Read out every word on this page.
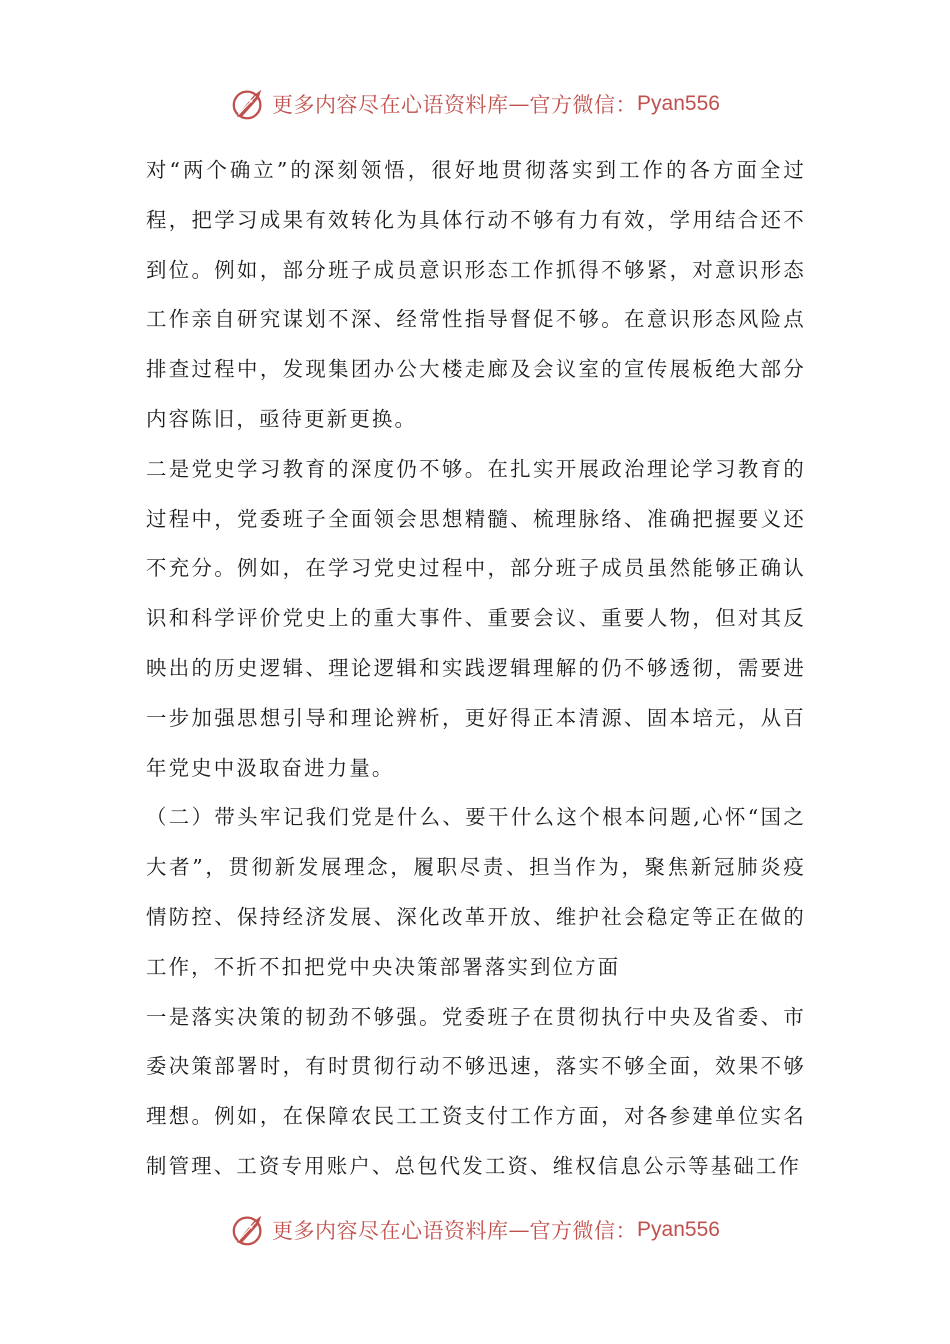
更多内容尽在心语资料库 — 官方微信： Pyan556

对“两个确立”的深刻领悟，很好地贯彻落实到工作的各方面全过程，把学习成果有效转化为具体行动不够有力有效，学用结合还不到位。例如，部分班子成员意识形态工作抓得不够紧，对意识形态工作亲自研究谋划不深、经常性指导督促不够。在意识形态风险点排查过程中，发现集团办公大楼走廊及会议室的宣传展板绝大部分内容陈旧，亟待更新更换。

二是党史学习教育的深度仍不够。在扎实开展政治理论学习教育的过程中，党委班子全面领会思想精髓、梳理脉络、准确把握要义还不充分。例如，在学习党史过程中，部分班子成员虽然能够正确认识和科学评价党史上的重大事件、重要会议、重要人物，但对其反映出的历史逻辑、理论逻辑和实践逻辑理解的仍不够透彻，需要进一步加强思想引导和理论辨析，更好得正本清源、固本培元，从百年党史中汲取奋进力量。

（二）带头牢记我们党是什么、要干什么这个根本问题,心怀“国之大者”，贯彻新发展理念，履职尽责、担当作为，聚焦新冠肺炎疫情防控、保持经济发展、深化改革开放、维护社会稳定等正在做的工作，不折不扣把党中央决策部署落实到位方面

一是落实决策的韧劲不够强。党委班子在贯彻执行中央及省委、市委决策部署时，有时贯彻行动不够迅速，落实不够全面，效果不够理想。例如，在保障农民工工资支付工作方面，对各参建单位实名制管理、工资专用账户、总包代发工资、维权信息公示等基础工作

更多内容尽在心语资料库 — 官方微信： Pyan556
